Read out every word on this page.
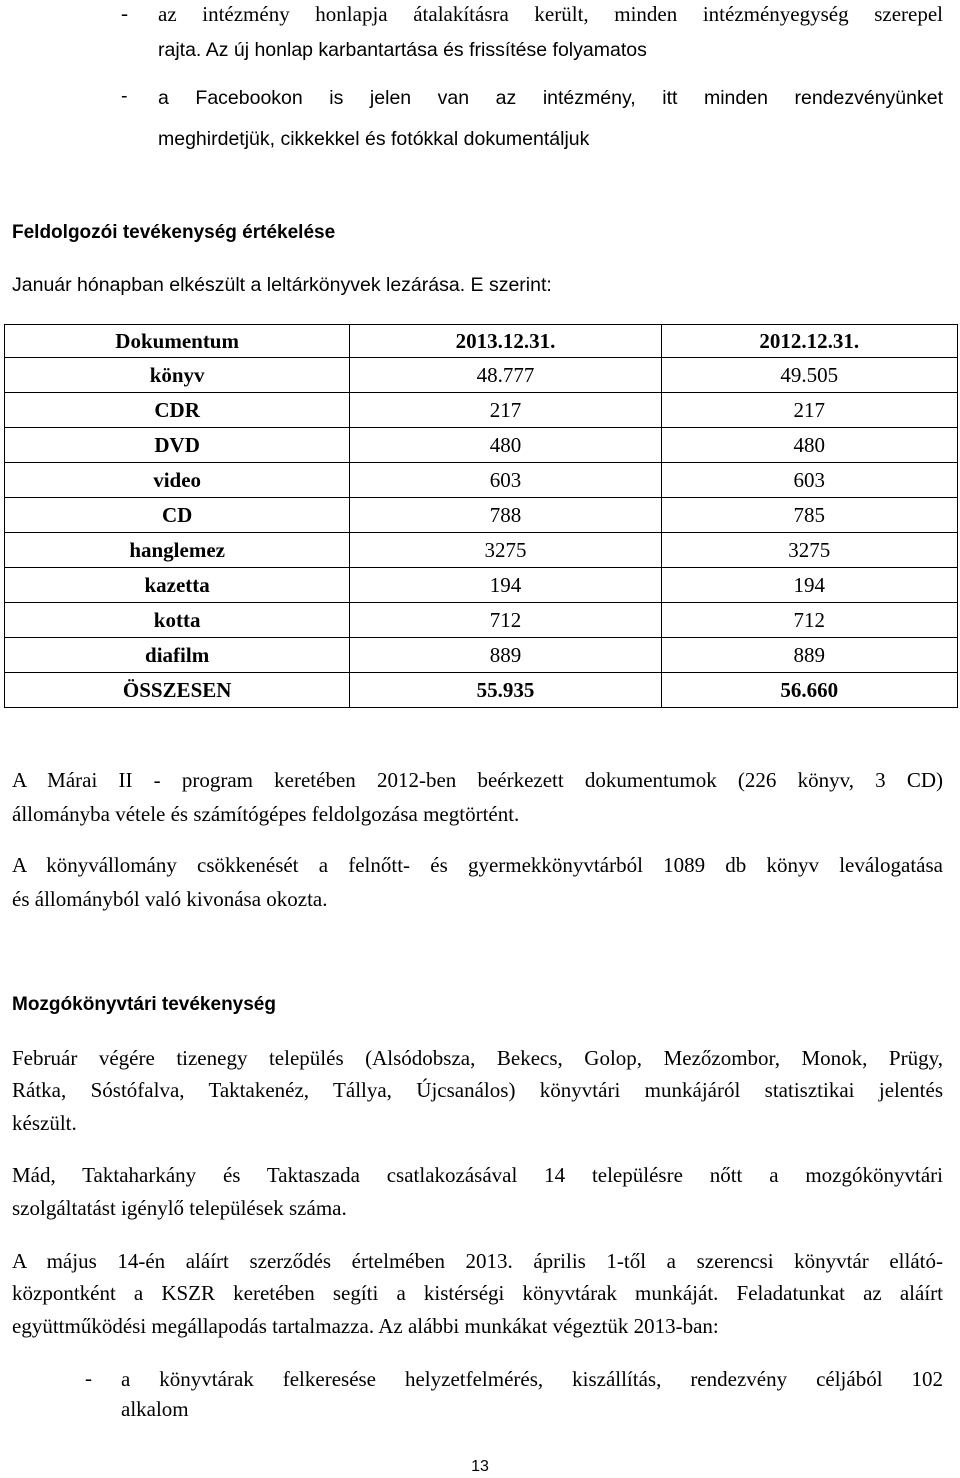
- az intézmény honlapja átalakításra került, minden intézményegység szerepel
rajta. Az új honlap karbantartása és frissítése folyamatos
- a Facebookon is jelen van az intézmény, itt minden rendezvényünket
meghirdetjük, cikkekkel és fotókkal dokumentáljuk
Feldolgozói tevékenység értékelése
Január hónapban elkészült a leltárkönyvek lezárása. E szerint:
Dokumentum	2013.12.31.	2012.12.31.
könyv	48.777	49.505
CDR	217	217
DVD	480	480
video	603	603
CD	788	785
hanglemez	3275	3275
kazetta	194	194
kotta	712	712
diafilm	889	889
ÖSSZESEN	55.935	56.660
A Márai II - program keretében 2012-ben beérkezett dokumentumok (226 könyv, 3 CD)
állományba vétele és számítógépes feldolgozása megtörtént.
A könyvállomány csökkenését a felnőtt- és gyermekkönyvtárból 1089 db könyv leválogatása
és állományból való kivonása okozta.
Mozgókönyvtári tevékenység
Február végére tizenegy település (Alsódobsza, Bekecs, Golop, Mezőzombor, Monok, Prügy,
Rátka, Sóstófalva, Taktakenéz, Tállya, Újcsanálos) könyvtári munkájáról statisztikai jelentés
készült.
Mád, Taktaharkány és Taktaszada csatlakozásával 14 településre nőtt a mozgókönyvtári
szolgáltatást igénylő települések száma.
A május 14-én aláírt szerződés értelmében 2013. április 1-től a szerencsi könyvtár ellátó-
központként a KSZR keretében segíti a kistérségi könyvtárak munkáját. Feladatunkat az aláírt
együttműködési megállapodás tartalmazza. Az alábbi munkákat végeztük 2013-ban:
- a könyvtárak felkeresése helyzetfelmérés, kiszállítás, rendezvény céljából 102
alkalom
13
